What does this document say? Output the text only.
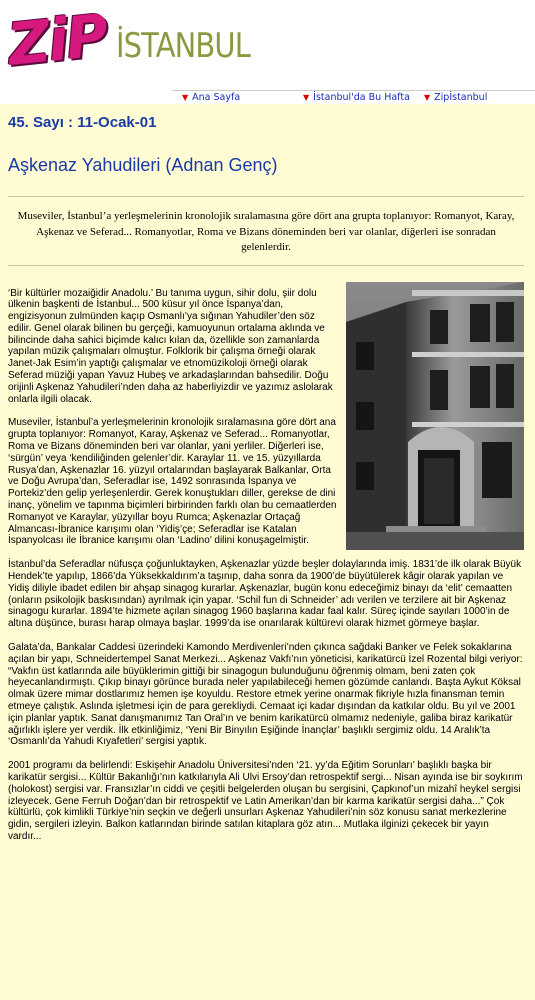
ZiP İSTANBUL
▼ Ana Sayfa	▼ İstanbul'da Bu Hafta	▼ Zipİstanbul
45. Sayı : 11-Ocak-01
Aşkenaz Yahudileri (Adnan Genç)
Museviler, İstanbul’a yerleşmelerinin kronolojik sıralamasına göre dört ana grupta toplanıyor: Romanyot, Karay, Aşkenaz ve Seferad... Romanyotlar, Roma ve Bizans döneminden beri var olanlar, diğerleri ise sonradan gelenlerdir.

‘Bir kültürler mozaiğidir Anadolu.’ Bu tanıma uygun, sihir dolu, şiir dolu ülkenin başkenti de İstanbul... 500 küsur yıl önce İspanya’dan, engizisyonun zulmünden kaçıp Osmanlı’ya sığınan Yahudiler’den söz edilir. Genel olarak bilinen bu gerçeği, kamuoyunun ortalama aklında ve bilincinde daha sahici biçimde kalıcı kılan da, özellikle son zamanlarda yapılan müzik çalışmaları olmuştur. Folklorik bir çalışma örneği olarak Janet-Jak Esim’in yaptığı çalışmalar ve etnomüzikoloji örneği olarak Seferad müziği yapan Yavuz Hubeş ve arkadaşlarından bahsedilir. Doğu orijinli Aşkenaz Yahudileri’nden daha az haberliyizdir ve yazımız aslolarak onlarla ilgili olacak.

Museviler, İstanbul’a yerleşmelerinin kronolojik sıralamasına göre dört ana grupta toplanıyor: Romanyot, Karay, Aşkenaz ve Seferad... Romanyotlar, Roma ve Bizans döneminden beri var olanlar, yani yerliler. Diğerleri ise, ‘sürgün’ veya ‘kendiliğinden gelenler’dir. Karaylar 11. ve 15. yüzyıllarda Rusya’dan, Aşkenazlar 16. yüzyıl ortalarından başlayarak Balkanlar, Orta ve Doğu Avrupa’dan, Seferadlar ise, 1492 sonrasında İspanya ve Portekiz’den gelip yerleşenlerdir. Gerek konuştukları diller, gerekse de dini inanç, yönelim ve tapınma biçimleri birbirinden farklı olan bu cemaatlerden Romanyot ve Karaylar, yüzyıllar boyu Rumca; Aşkenazlar Ortaçağ Almancası-İbranice karışımı olan ‘Yidiş’çe; Seferadlar ise Katalan İspanyolcası ile İbranice karışımı olan ‘Ladino’ dilini konuşagelmiştir.

İstanbul’da Seferadlar nüfusça çoğunluktayken, Aşkenazlar yüzde beşler dolaylarında imiş. 1831’de ilk olarak Büyük Hendek’te yapılıp, 1866’da Yüksekkaldırım’a taşınıp, daha sonra da 1900’de büyütülerek kâgir olarak yapılan ve Yidiş diliyle ibadet edilen bir ahşap sinagog kurarlar. Aşkenazlar, bugün konu edeceğimiz binayı da ‘elit’ cemaatten (onların psikolojik baskısından) ayrılmak için yapar. ‘Schil fun di Schneider’ adı verilen ve terzilere ait bir Aşkenaz sinagogu kurarlar. 1894’te hizmete açılan sinagog 1960 başlarına kadar faal kalır. Süreç içinde sayıları 1000’in de altına düşünce, burası harap olmaya başlar. 1999’da ise onarılarak kültürevi olarak hizmet görmeye başlar.

Galata’da, Bankalar Caddesi üzerindeki Kamondo Merdivenleri’nden çıkınca sağdaki Banker ve Felek sokaklarına açılan bir yapı, Schneidertempel Sanat Merkezi... Aşkenaz Vakfı’nın yöneticisi, karikatürcü İzel Rozental bilgi veriyor: “Vakfın üst katlarında aile büyüklerimin gittiği bir sinagogun bulunduğunu öğrenmiş olmam, beni zaten çok heyecanlandırmıştı. Çıkıp binayı görünce burada neler yapılabileceği hemen gözümde canlandı. Başta Aykut Köksal olmak üzere mimar dostlarımız hemen işe koyuldu. Restore etmek yerine onarmak fikriyle hızla finansman temin etmeye çalıştık. Aslında işletmesi için de para gerekliydi. Cemaat içi kadar dışından da katkılar oldu. Bu yıl ve 2001 için planlar yaptık. Sanat danışmanımız Tan Oral’ın ve benim karikatürcü olmamız nedeniyle, galiba biraz karikatür ağırlıklı işlere yer verdik. İlk etkinliğimiz, ‘Yeni Bir Binyılın Eşiğinde İnançlar’ başlıklı sergimiz oldu. 14 Aralık’ta ‘Osmanlı’da Yahudi Kıyafetleri’ sergisi yaptık.

2001 programı da belirlendi: Eskişehir Anadolu Üniversitesi’nden ‘21. yy’da Eğitim Sorunları’ başlıklı başka bir karikatür sergisi... Kültür Bakanlığı’nın katkılarıyla Ali Ulvi Ersoy’dan retrospektif sergi... Nisan ayında ise bir soykırım (holokost) sergisi var. Fransızlar’ın ciddi ve çeşitli belgelerden oluşan bu sergisini, Çapkınof’un mizahî heykel sergisi izleyecek. Gene Ferruh Doğan’dan bir retrospektif ve Latin Amerikan’dan bir karma karikatür sergisi daha...” Çok kültürlü, çok kimlikli Türkiye’nin seçkin ve değerli unsurları Aşkenaz Yahudileri’nin söz konusu sanat merkezlerine gidin, sergileri izleyin. Balkon katlarından birinde satılan kitaplara göz atın... Mutlaka ilginizi çekecek bir yayın vardır...
